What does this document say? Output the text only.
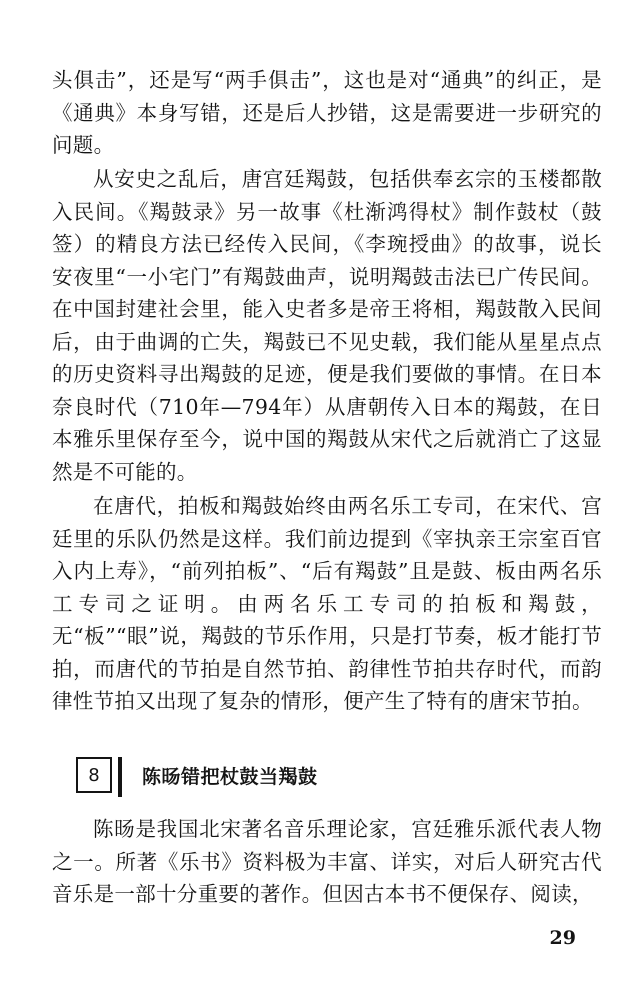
头俱击”，还是写“两手俱击”，这也是对“通典”的纠正，是《通典》本身写错，还是后人抄错，这是需要进一步研究的问题。

从安史之乱后，唐宫廷羯鼓，包括供奉玄宗的玉楼都散入民间。《羯鼓录》另一故事《杜渐鸿得杖》制作鼓杖（鼓签）的精良方法已经传入民间，《李琬授曲》的故事，说长安夜里“一小宅门”有羯鼓曲声，说明羯鼓击法已广传民间。在中国封建社会里，能入史者多是帝王将相，羯鼓散入民间后，由于曲调的亡失，羯鼓已不见史载，我们能从星星点点的历史资料寻出羯鼓的足迹，便是我们要做的事情。在日本奈良时代（710年—794年）从唐朝传入日本的羯鼓，在日本雅乐里保存至今，说中国的羯鼓从宋代之后就消亡了这显然是不可能的。

在唐代，拍板和羯鼓始终由两名乐工专司，在宋代、宫廷里的乐队仍然是这样。我们前边提到《宰执亲王宗室百官入内上寿》，“前列拍板”、“后有羯鼓”且是鼓、板由两名乐工专司之证明。由两名乐工专司的拍板和羯鼓，无“板”“眼”说，羯鼓的节乐作用，只是打节奏，板才能打节拍，而唐代的节拍是自然节拍、韵律性节拍共存时代，而韵律性节拍又出现了复杂的情形，便产生了特有的唐宋节拍。

8	陈旸错把杖鼓当羯鼓

陈旸是我国北宋著名音乐理论家，宫廷雅乐派代表人物之一。所著《乐书》资料极为丰富、详实，对后人研究古代音乐是一部十分重要的著作。但因古本书不便保存、阅读，

29
